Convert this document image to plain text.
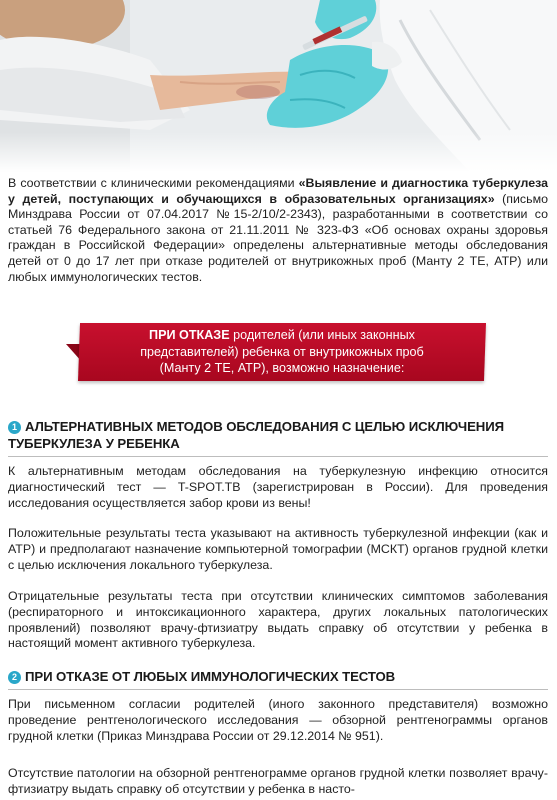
В соответствии с клиническими рекомендациями «Выявление и диагностика туберкулеза у детей, поступающих и обучающихся в образовательных организациях» (письмо Минздрава России от 07.04.2017 №15-2/10/2-2343), разработанными в соответствии со статьей 76 Федерального закона от 21.11.2011 № 323-ФЗ «Об основах охраны здоровья граждан в Российской Федерации» определены альтернативные методы обследования детей от 0 до 17 лет при отказе родителей от внутрикожных проб (Манту 2 ТЕ, АТР) или любых иммунологических тестов.
ПРИ ОТКАЗЕ родителей (или иных законных
представителей) ребенка от внутрикожных проб
(Манту 2 ТЕ, АТР), возможно назначение:
1 АЛЬТЕРНАТИВНЫХ МЕТОДОВ ОБСЛЕДОВАНИЯ С ЦЕЛЬЮ ИСКЛЮЧЕНИЯ
ТУБЕРКУЛЕЗА У РЕБЕНКА
К альтернативным методам обследования на туберкулезную инфекцию относится диагностический тест — T-SPOT.TB (зарегистрирован в России). Для проведения исследования осуществляется забор крови из вены!
Положительные результаты теста указывают на активность туберкулезной инфекции (как и АТР) и предполагают назначение компьютерной томографии (МСКТ) органов грудной клетки с целью исключения локального туберкулеза.
Отрицательные результаты теста при отсутствии клинических симптомов заболевания (респираторного и интоксикационного характера, других локальных патологических проявлений) позволяют врачу-фтизиатру выдать справку об отсутствии у ребенка в настоящий момент активного туберкулеза.
2 ПРИ ОТКАЗЕ ОТ ЛЮБЫХ ИММУНОЛОГИЧЕСКИХ ТЕСТОВ
При письменном согласии родителей (иного законного представителя) возможно проведение рентгенологического исследования — обзорной рентгенограммы органов грудной клетки (Приказ Минздрава России от 29.12.2014 № 951).
Отсутствие патологии на обзорной рентгенограмме органов грудной клетки позволяет врачу-фтизиатру выдать справку об отсутствии у ребенка в насто-
